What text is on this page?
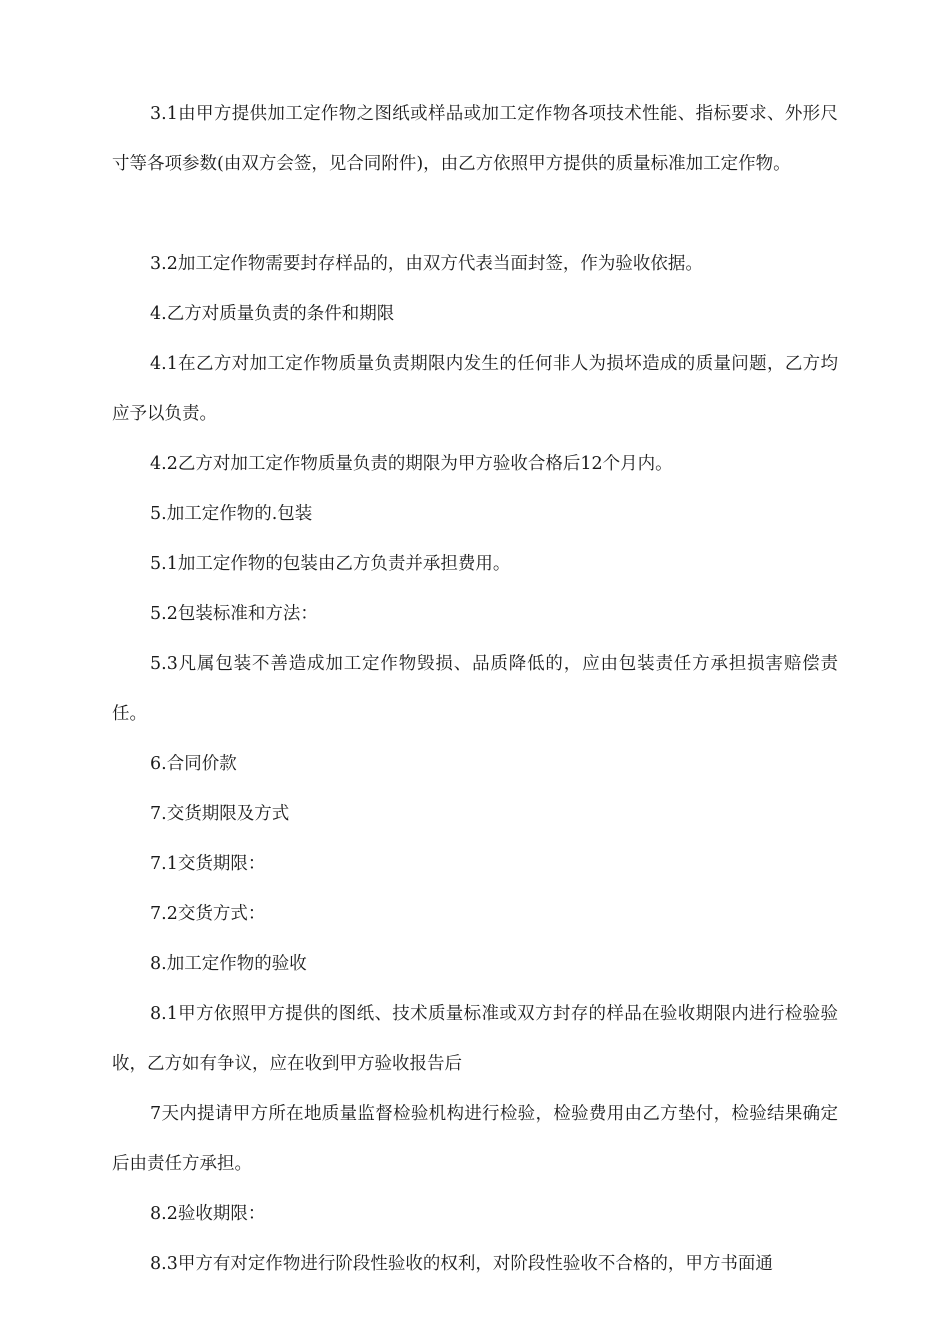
3.1由甲方提供加工定作物之图纸或样品或加工定作物各项技术性能、指标要求、外形尺寸等各项参数(由双方会签，见合同附件)，由乙方依照甲方提供的质量标准加工定作物。

3.2加工定作物需要封存样品的，由双方代表当面封签，作为验收依据。

4.乙方对质量负责的条件和期限

4.1在乙方对加工定作物质量负责期限内发生的任何非人为损坏造成的质量问题，乙方均应予以负责。

4.2乙方对加工定作物质量负责的期限为甲方验收合格后12个月内。

5.加工定作物的.包装

5.1加工定作物的包装由乙方负责并承担费用。

5.2包装标准和方法：

5.3凡属包装不善造成加工定作物毁损、品质降低的，应由包装责任方承担损害赔偿责任。

6.合同价款

7.交货期限及方式

7.1交货期限：

7.2交货方式：

8.加工定作物的验收

8.1甲方依照甲方提供的图纸、技术质量标准或双方封存的样品在验收期限内进行检验验收，乙方如有争议，应在收到甲方验收报告后

7天内提请甲方所在地质量监督检验机构进行检验，检验费用由乙方垫付，检验结果确定后由责任方承担。

8.2验收期限：

8.3甲方有对定作物进行阶段性验收的权利，对阶段性验收不合格的，甲方书面通
